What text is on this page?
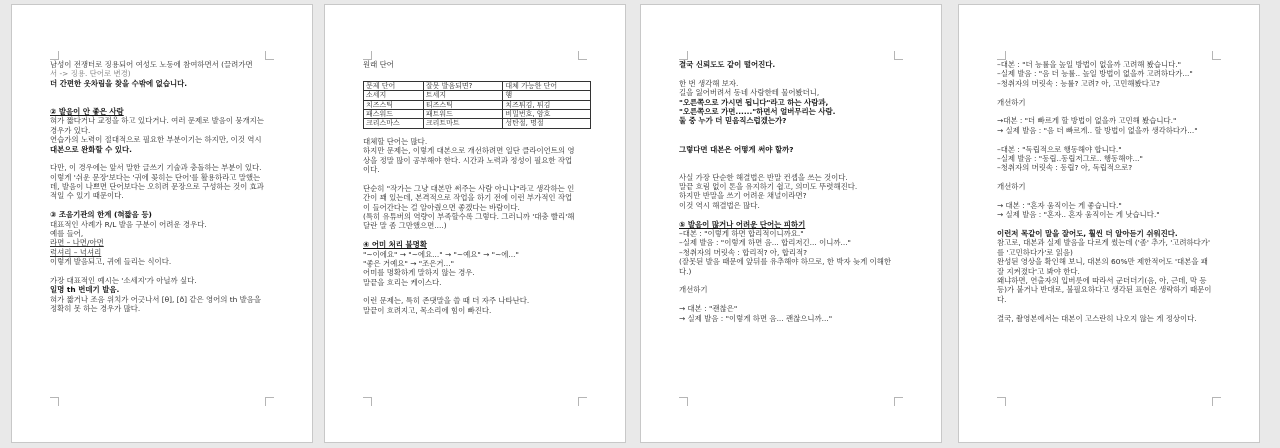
남성이 전쟁터로 징용되어 여성도 노동에 참여하면서 (끌려가면
서 -> 징용. 단어로 변경)
더 간편한 옷차림을 찾을 수밖에 없습니다.
② 발음이 안 좋은 사람
혀가 짧다거나 교정을 하고 있다거나. 여러 문제로 발음이 뭉개지는
경우가 있다.
연습가의 노력이 절대적으로 필요한 부분이기는 하지만, 이것 역시
대본으로 완화할 수 있다.
다만, 이 경우에는 앞서 말한 글쓰기 기술과 충돌하는 부분이 있다.
이렇게 '쉬운 문장'보다는 '귀에 꽂히는 단어'를 활용하라고 말했는
데, 발음이 나쁘면 단어보다는 오히려 문장으로 구성하는 것이 효과
적일 수 있기 때문이다.
③ 조음기관의 한계 (혀짧음 등)
대표적인 사례가 R/L 발음 구분이 어려운 경우다.
예를 들어,
라면 – 나면/아면
럭셔리 – 넉셔리
이렇게 발음되고, 귀에 들리는 식이다.
가장 대표적인 예시는 '소세지'가 아닐까 싶다.
일명 th 번데기 발음.
혀가 짧거나 조음 위치가 어긋나서 [θ], [ð] 같은 영어의 th 발음을
정확히 못 하는 경우가 많다.
원래 단어
문제 단어	잘못 발음되면?	대체 가능한 단어
소세지	트세지	햄
치즈스틱	티즈스틱	치즈튀김, 튀김
패스워드	패트워드	비밀번호, 암호
크리스마스	크리트마트	성탄절, 명절
대체할 단어는 많다.
하지만 문제는, 이렇게 대본으로 개선하려면 일단 클라이언트의 영
상을 정말 많이 공부해야 한다. 시간과 노력과 정성이 필요한 작업
이다.
단순히 "작가는 그냥 대본만 써주는 사람 아니냐"라고 생각하는 인
간이 꽤 있는데, 본격적으로 작업을 하기 전에 이런 부가적인 작업
이 들어간다는 걸 알아줬으면 좋겠다는 바람이다.
(특히 유튜버의 역량이 부족할수록 그렇다. 그러니까 '대충 빨리'해
달란 말 좀 그만했으면....)
④ 어미 처리 불명확
"~이에요" → "~에요..." → "~예요" → "~에..."
"좋은 거예요" → "조은거..."
어미를 명확하게 말하지 않는 경우.
말끝을 흐리는 케이스다.
이런 문제는, 특히 존댓말을 쓸 때 더 자주 나타난다.
말끝이 흐려지고, 목소리에 힘이 빠진다.
결국 신뢰도도 같이 떨어진다.
한 번 생각해 보자.
길을 잃어버려서 동네 사람한테 물어봤더니,
"오른쪽으로 가시면 됩니다"라고 하는 사람과,
"오른쪽으로 가면......"하면서 얼버무리는 사람.
둘 중 누가 더 믿음직스럽겠는가?
그렇다면 대본은 어떻게 써야 할까?
사실 가장 단순한 해결법은 반말 컨셉을 쓰는 것이다.
말끝 흐림 없이 톤을 유지하기 쉽고, 의미도 뚜렷해진다.
하지만 반말을 쓰기 어려운 채널이라면?
이것 역시 해결법은 많다.
⑤ 발음이 많거나 어려운 단어는 피하기
–대본 : "이렇게 하면 합리적이니까요."
–실제 발음 : "이렇게 하면 음... 합리저긴... 이니까..."
–청취자의 머릿속 : 합리적? 아, 합리적?
(잘못된 발음 때문에 앞뒤를 유추해야 하므로, 한 박자 늦게 이해한
다.)
개선하기
→ 대본 : "괜찮은"
→ 실제 발음 : "이렇게 하면 음... 괜찮으니까..."
–대본 : "더 능률을 높일 방법이 없을까 고려해 봤습니다."
–실제 발음 : "음 더 능률.. 높일 방법이 없을까 고려하다가..."
–청취자의 머릿속 : 능률? 고려? 아, 고민해봤다고?
개선하기
→대본 : "더 빠르게 할 방법이 없을까 고민해 봤습니다."
→ 실제 발음 : "음 더 빠르게.. 할 방법이 없을까 생각하다가..."
–대본 : "독립적으로 행동해야 합니다."
–실제 발음 : "동립..동립저그로.. 행동해야..."
–청취자의 머릿속 : 동립? 아, 독립적으로?
개선하기
→ 대본 : "혼자 움직이는 게 좋습니다."
→ 실제 발음 : "혼자.. 혼자 움직이는 게 낫습니다."
이런저 목같이 말을 잘어도, 훨씬 더 알아듣기 쉬워진다.
참고로, 대본과 실제 발음을 다르게 썼는데 ('좀' 추가, '고려하다가'
를 '고민하다가'로 읽음)
완성된 영상을 확인해 보니, 대본의 60%만 제한적어도 '대본을 패
잘 지켜졌다'고 봐야 한다.
왜냐하면, 연출자의 입버릇에 따라서 군더더기(음, 아, 근데, 막 등
등)가 붙거나 반대로, 불필요하다고 생각된 표현은 생략하기 때문이
다.
결국, 촬영본에서는 대본이 고스란히 나오지 않는 게 정상이다.
